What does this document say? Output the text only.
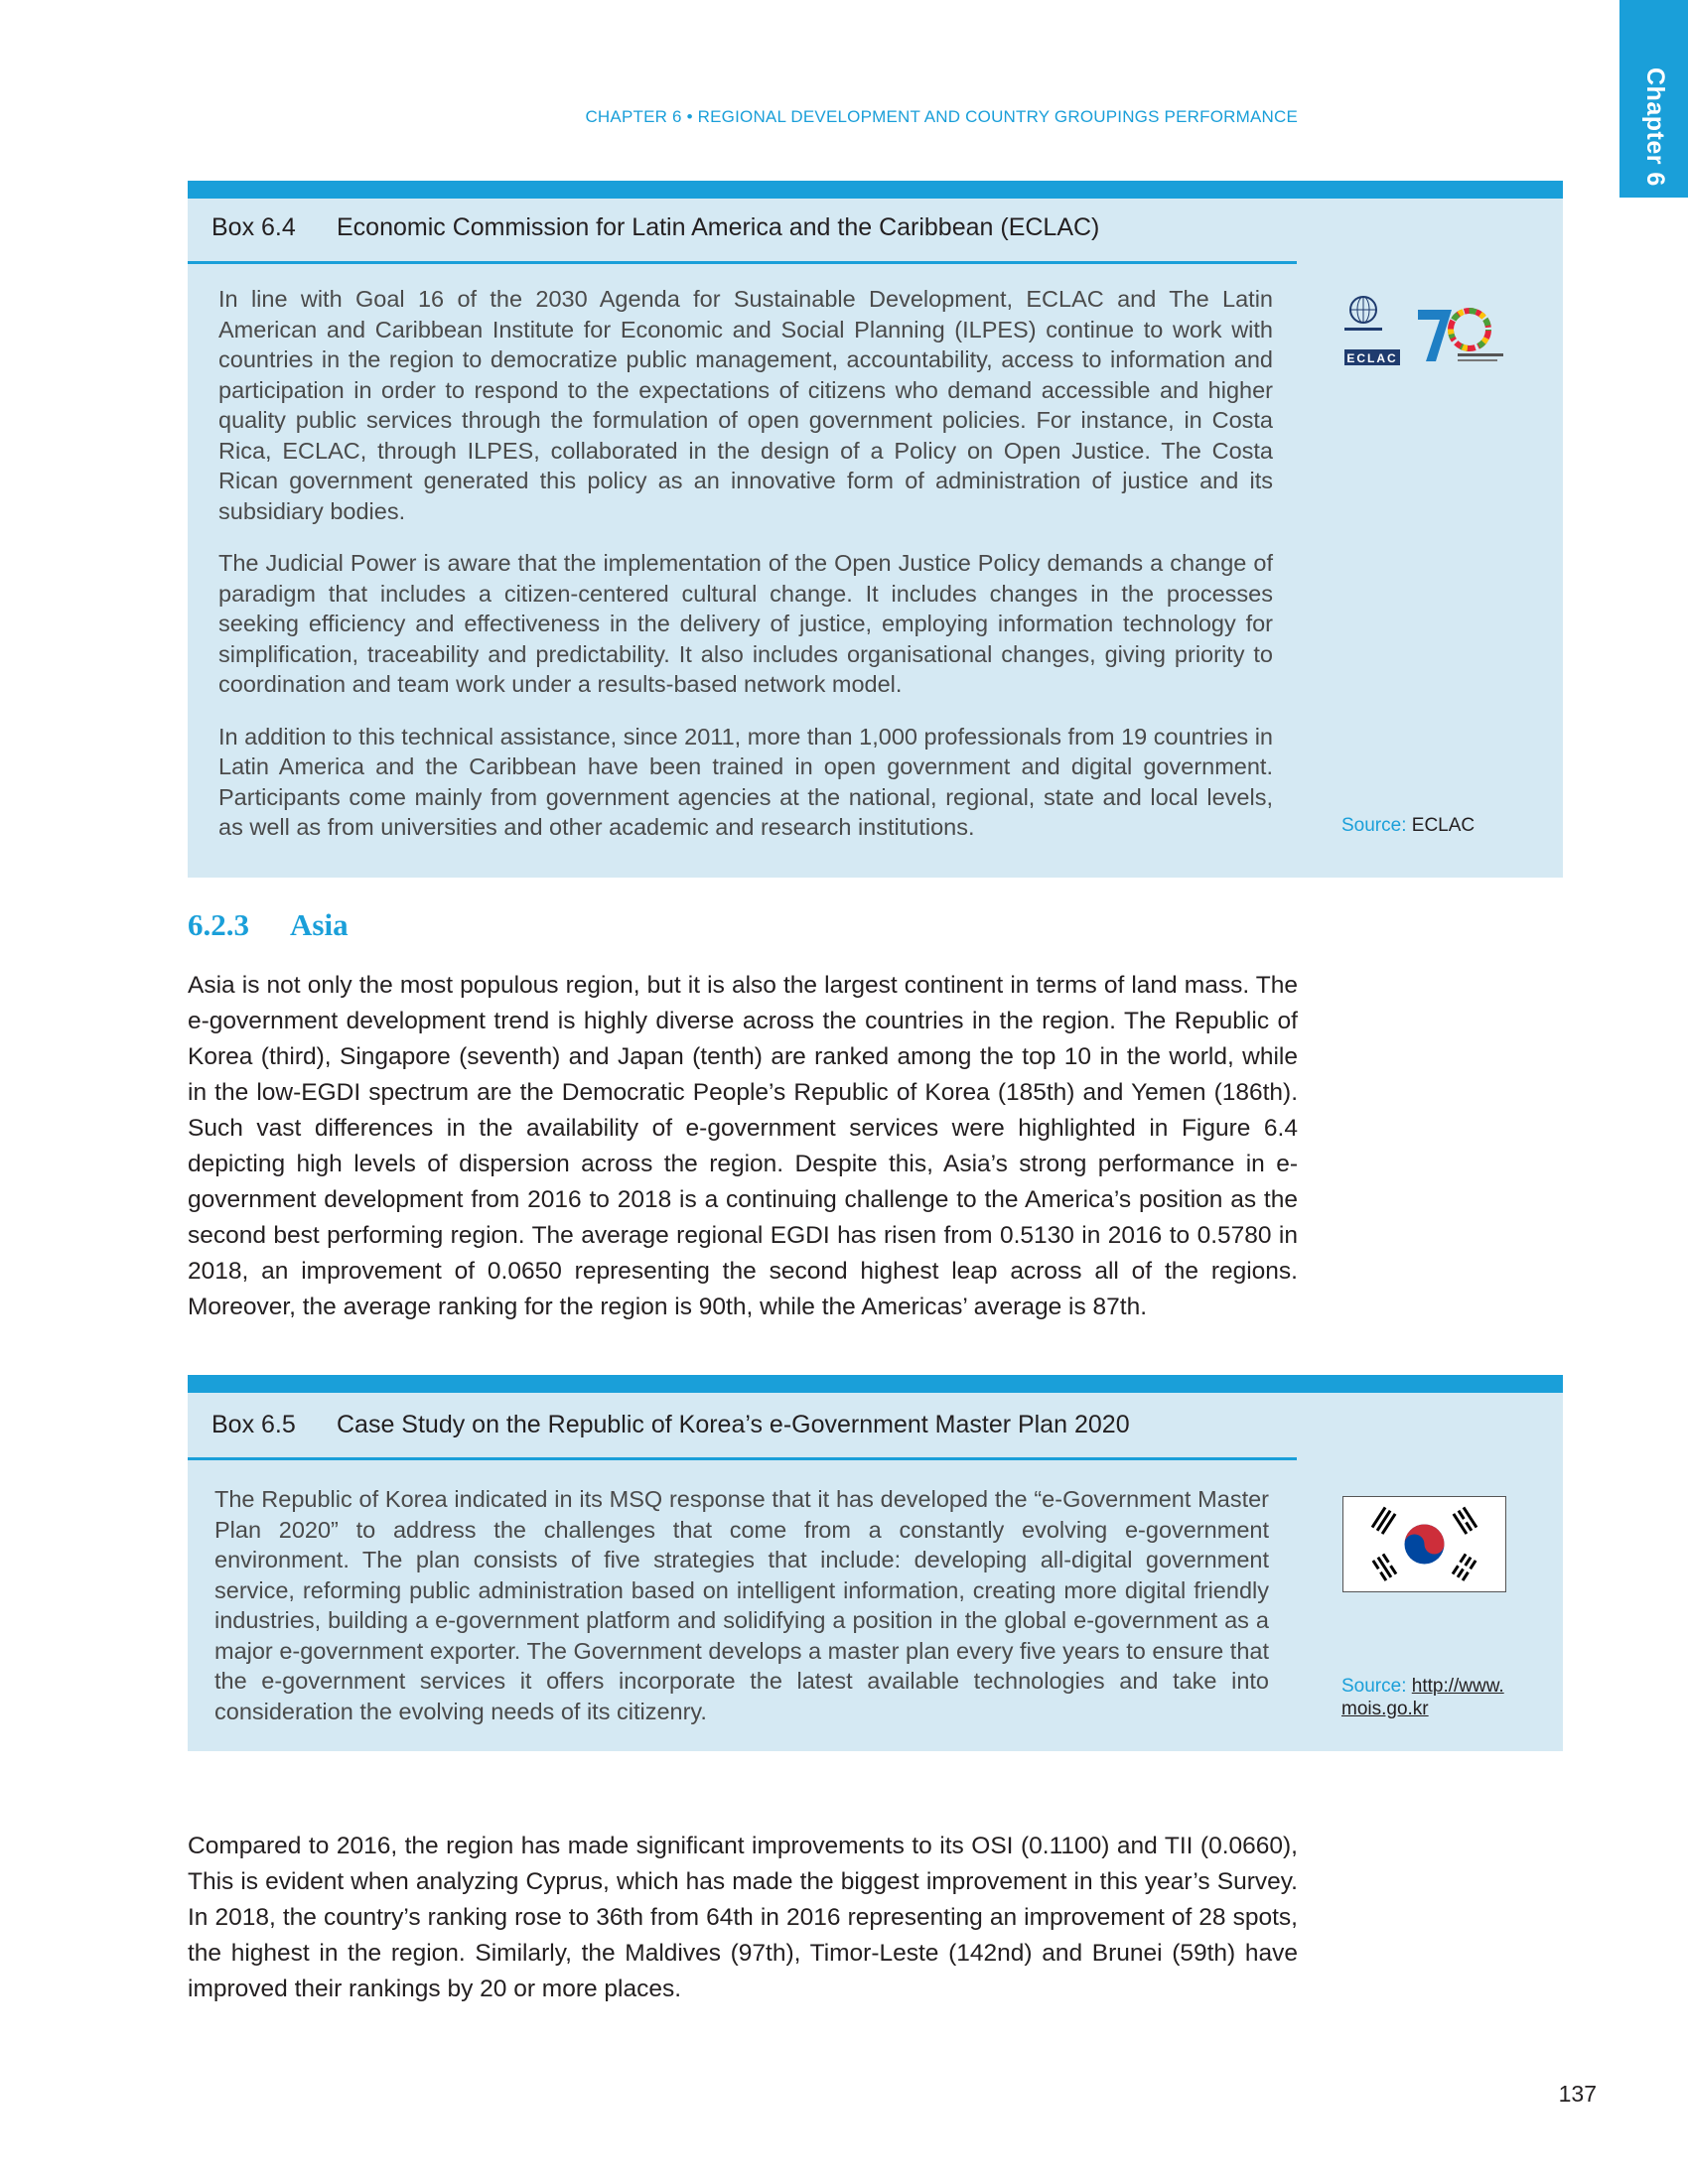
CHAPTER 6 • REGIONAL DEVELOPMENT AND COUNTRY GROUPINGS PERFORMANCE	Chapter 6
Box 6.4 Economic Commission for Latin America and the Caribbean (ECLAC)

In line with Goal 16 of the 2030 Agenda for Sustainable Development, ECLAC and The Latin American and Caribbean Institute for Economic and Social Planning (ILPES) continue to work with countries in the region to democratize public management, accountability, access to information and participation in order to respond to the expectations of citizens who demand accessible and higher quality public services through the formulation of open government policies. For instance, in Costa Rica, ECLAC, through ILPES, collaborated in the design of a Policy on Open Justice. The Costa Rican government generated this policy as an innovative form of administration of justice and its subsidiary bodies.

The Judicial Power is aware that the implementation of the Open Justice Policy demands a change of paradigm that includes a citizen-centered cultural change. It includes changes in the processes seeking efficiency and effectiveness in the delivery of justice, employing information technology for simplification, traceability and predictability. It also includes organisational changes, giving priority to coordination and team work under a results-based network model.

In addition to this technical assistance, since 2011, more than 1,000 professionals from 19 countries in Latin America and the Caribbean have been trained in open government and digital government. Participants come mainly from government agencies at the national, regional, state and local levels, as well as from universities and other academic and research institutions.	Source: ECLAC
ECLAC
6.2.3 Asia

Asia is not only the most populous region, but it is also the largest continent in terms of land mass. The e-government development trend is highly diverse across the countries in the region. The Republic of Korea (third), Singapore (seventh) and Japan (tenth) are ranked among the top 10 in the world, while in the low-EGDI spectrum are the Democratic People’s Republic of Korea (185th) and Yemen (186th). Such vast differences in the availability of e-government services were highlighted in Figure 6.4 depicting high levels of dispersion across the region. Despite this, Asia’s strong performance in e-government development from 2016 to 2018 is a continuing challenge to the America’s position as the second best performing region. The average regional EGDI has risen from 0.5130 in 2016 to 0.5780 in 2018, an improvement of 0.0650 representing the second highest leap across all of the regions. Moreover, the average ranking for the region is 90th, while the Americas’ average is 87th.

Box 6.5 Case Study on the Republic of Korea’s e-Government Master Plan 2020

The Republic of Korea indicated in its MSQ response that it has developed the “e-Government Master Plan 2020” to address the challenges that come from a constantly evolving e-government environment. The plan consists of five strategies that include: developing all-digital government service, reforming public administration based on intelligent information, creating more digital friendly industries, building a e-government platform and solidifying a position in the global e-government as a major e-government exporter. The Government develops a master plan every five years to ensure that the e-government services it offers incorporate the latest available technologies and take into consideration the evolving needs of its citizenry.

Source: http://www.
mois.go.kr

Compared to 2016, the region has made significant improvements to its OSI (0.1100) and TII (0.0660), This is evident when analyzing Cyprus, which has made the biggest improvement in this year’s Survey. In 2018, the country’s ranking rose to 36th from 64th in 2016 representing an improvement of 28 spots, the highest in the region. Similarly, the Maldives (97th), Timor-Leste (142nd) and Brunei (59th) have improved their rankings by 20 or more places.

137
